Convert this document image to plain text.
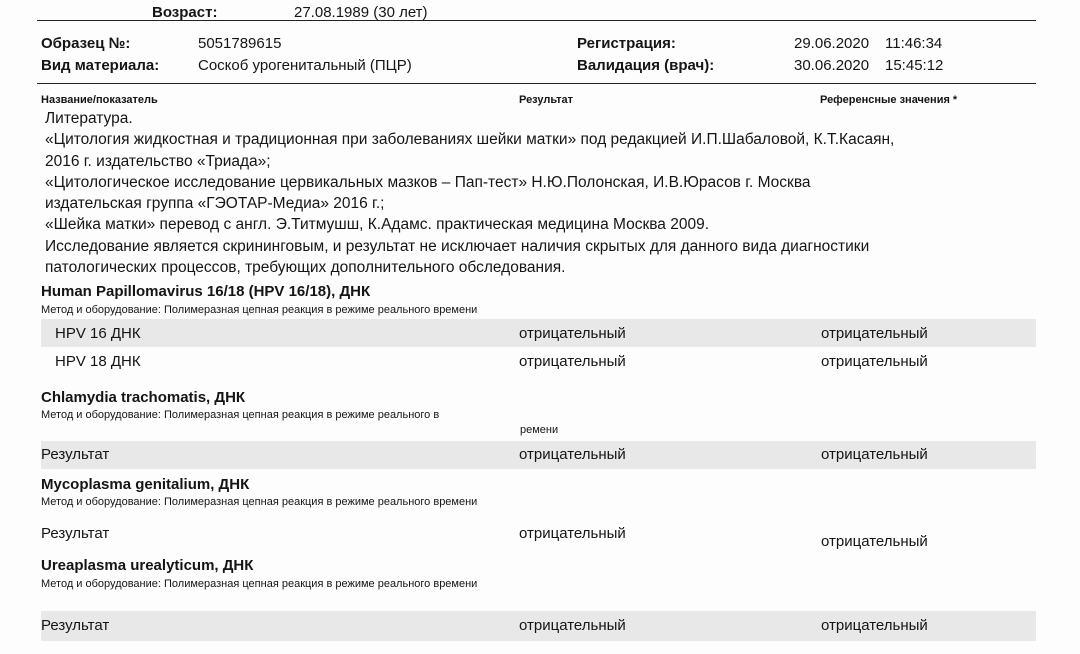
Возраст:	27.08.1989 (30 лет)
Образец №:	5051789615	Регистрация:	29.06.2020 11:46:34
Вид материала:	Соскоб урогенитальный (ПЦР)	Валидация (врач):	30.06.2020 15:45:12
Название/показатель	Результат	Референсные значения *
Литература.
«Цитология жидкостная и традиционная при заболеваниях шейки матки» под редакцией И.П.Шабаловой, К.Т.Касаян,
2016 г. издательство «Триада»;
«Цитологическое исследование цервикальных мазков – Пап-тест» Н.Ю.Полонская, И.В.Юрасов г. Москва
издательская группа «ГЭОТАР-Медиа» 2016 г.;
«Шейка матки» перевод с англ. Э.Титмушш, К.Адамс. практическая медицина Москва 2009.
Исследование является скрининговым, и результат не исключает наличия скрытых для данного вида диагностики
патологических процессов, требующих дополнительного обследования.
Human Papillomavirus 16/18 (HPV 16/18), ДНК
Метод и оборудование: Полимеразная цепная реакция в режиме реального времени
HPV 16 ДНК	отрицательный	отрицательный
HPV 18 ДНК	отрицательный	отрицательный
Chlamydia trachomatis, ДНК
Метод и оборудование: Полимеразная цепная реакция в режиме реального в
ремени
Результат	отрицательный	отрицательный
Mycoplasma genitalium, ДНК
Метод и оборудование: Полимеразная цепная реакция в режиме реального времени
Результат	отрицательный	отрицательный
Ureaplasma urealyticum, ДНК
Метод и оборудование: Полимеразная цепная реакция в режиме реального времени
Результат	отрицательный	отрицательный
